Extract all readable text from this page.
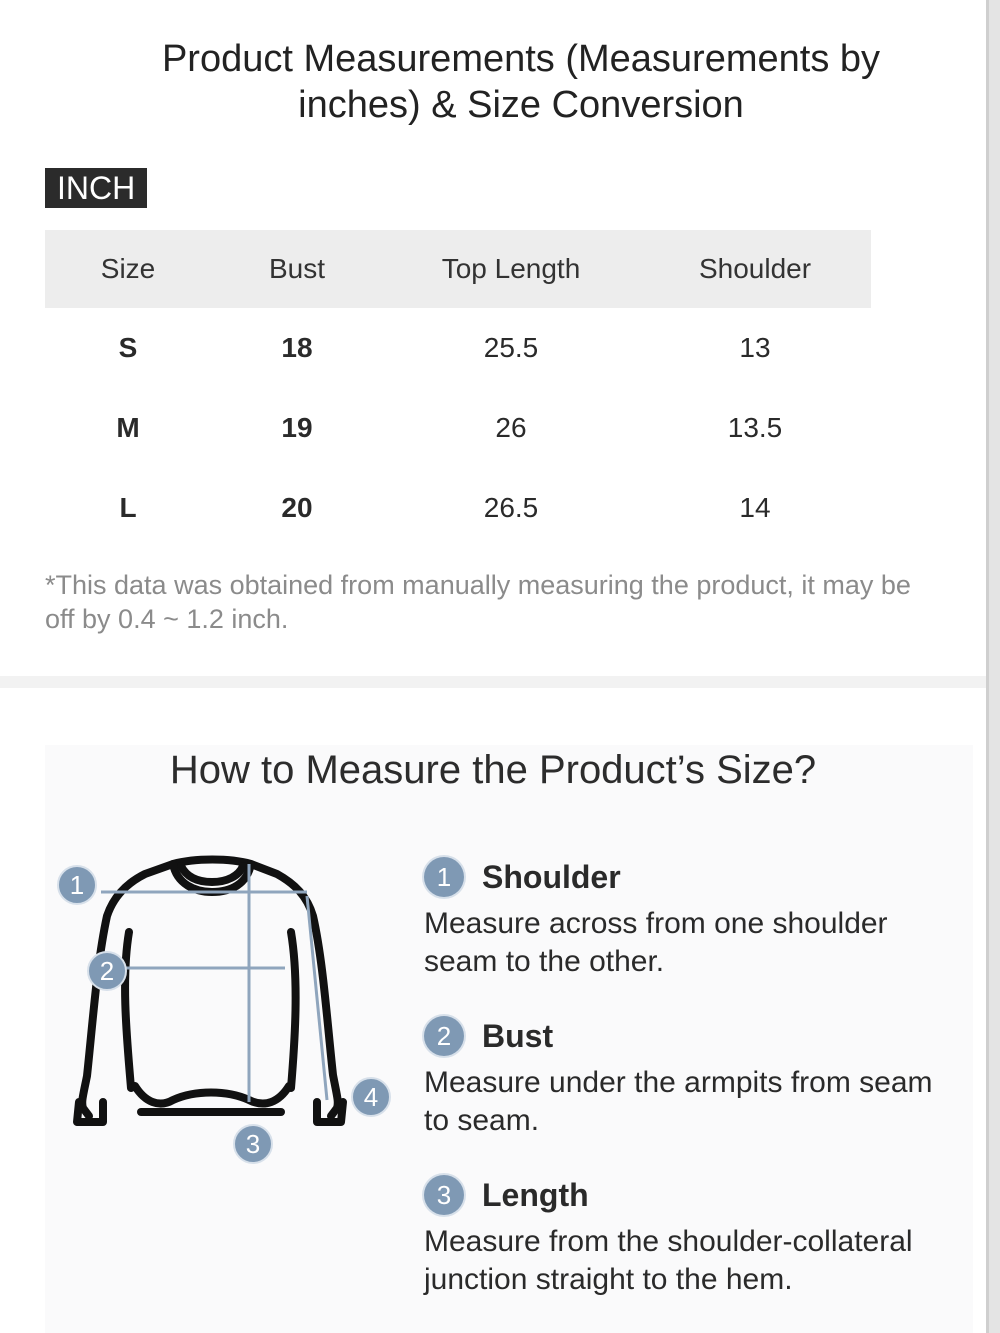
Product Measurements (Measurements by inches) & Size Conversion
INCH
Size	Bust	Top Length	Shoulder
S	18	25.5	13
M	19	26	13.5
L	20	26.5	14
*This data was obtained from manually measuring the product, it may be off by 0.4 ~ 1.2 inch.
How to Measure the Product’s Size?
1
2
3
4
1 Shoulder
Measure across from one shoulder seam to the other.
2 Bust
Measure under the armpits from seam to seam.
3 Length
Measure from the shoulder-collateral junction straight to the hem.
